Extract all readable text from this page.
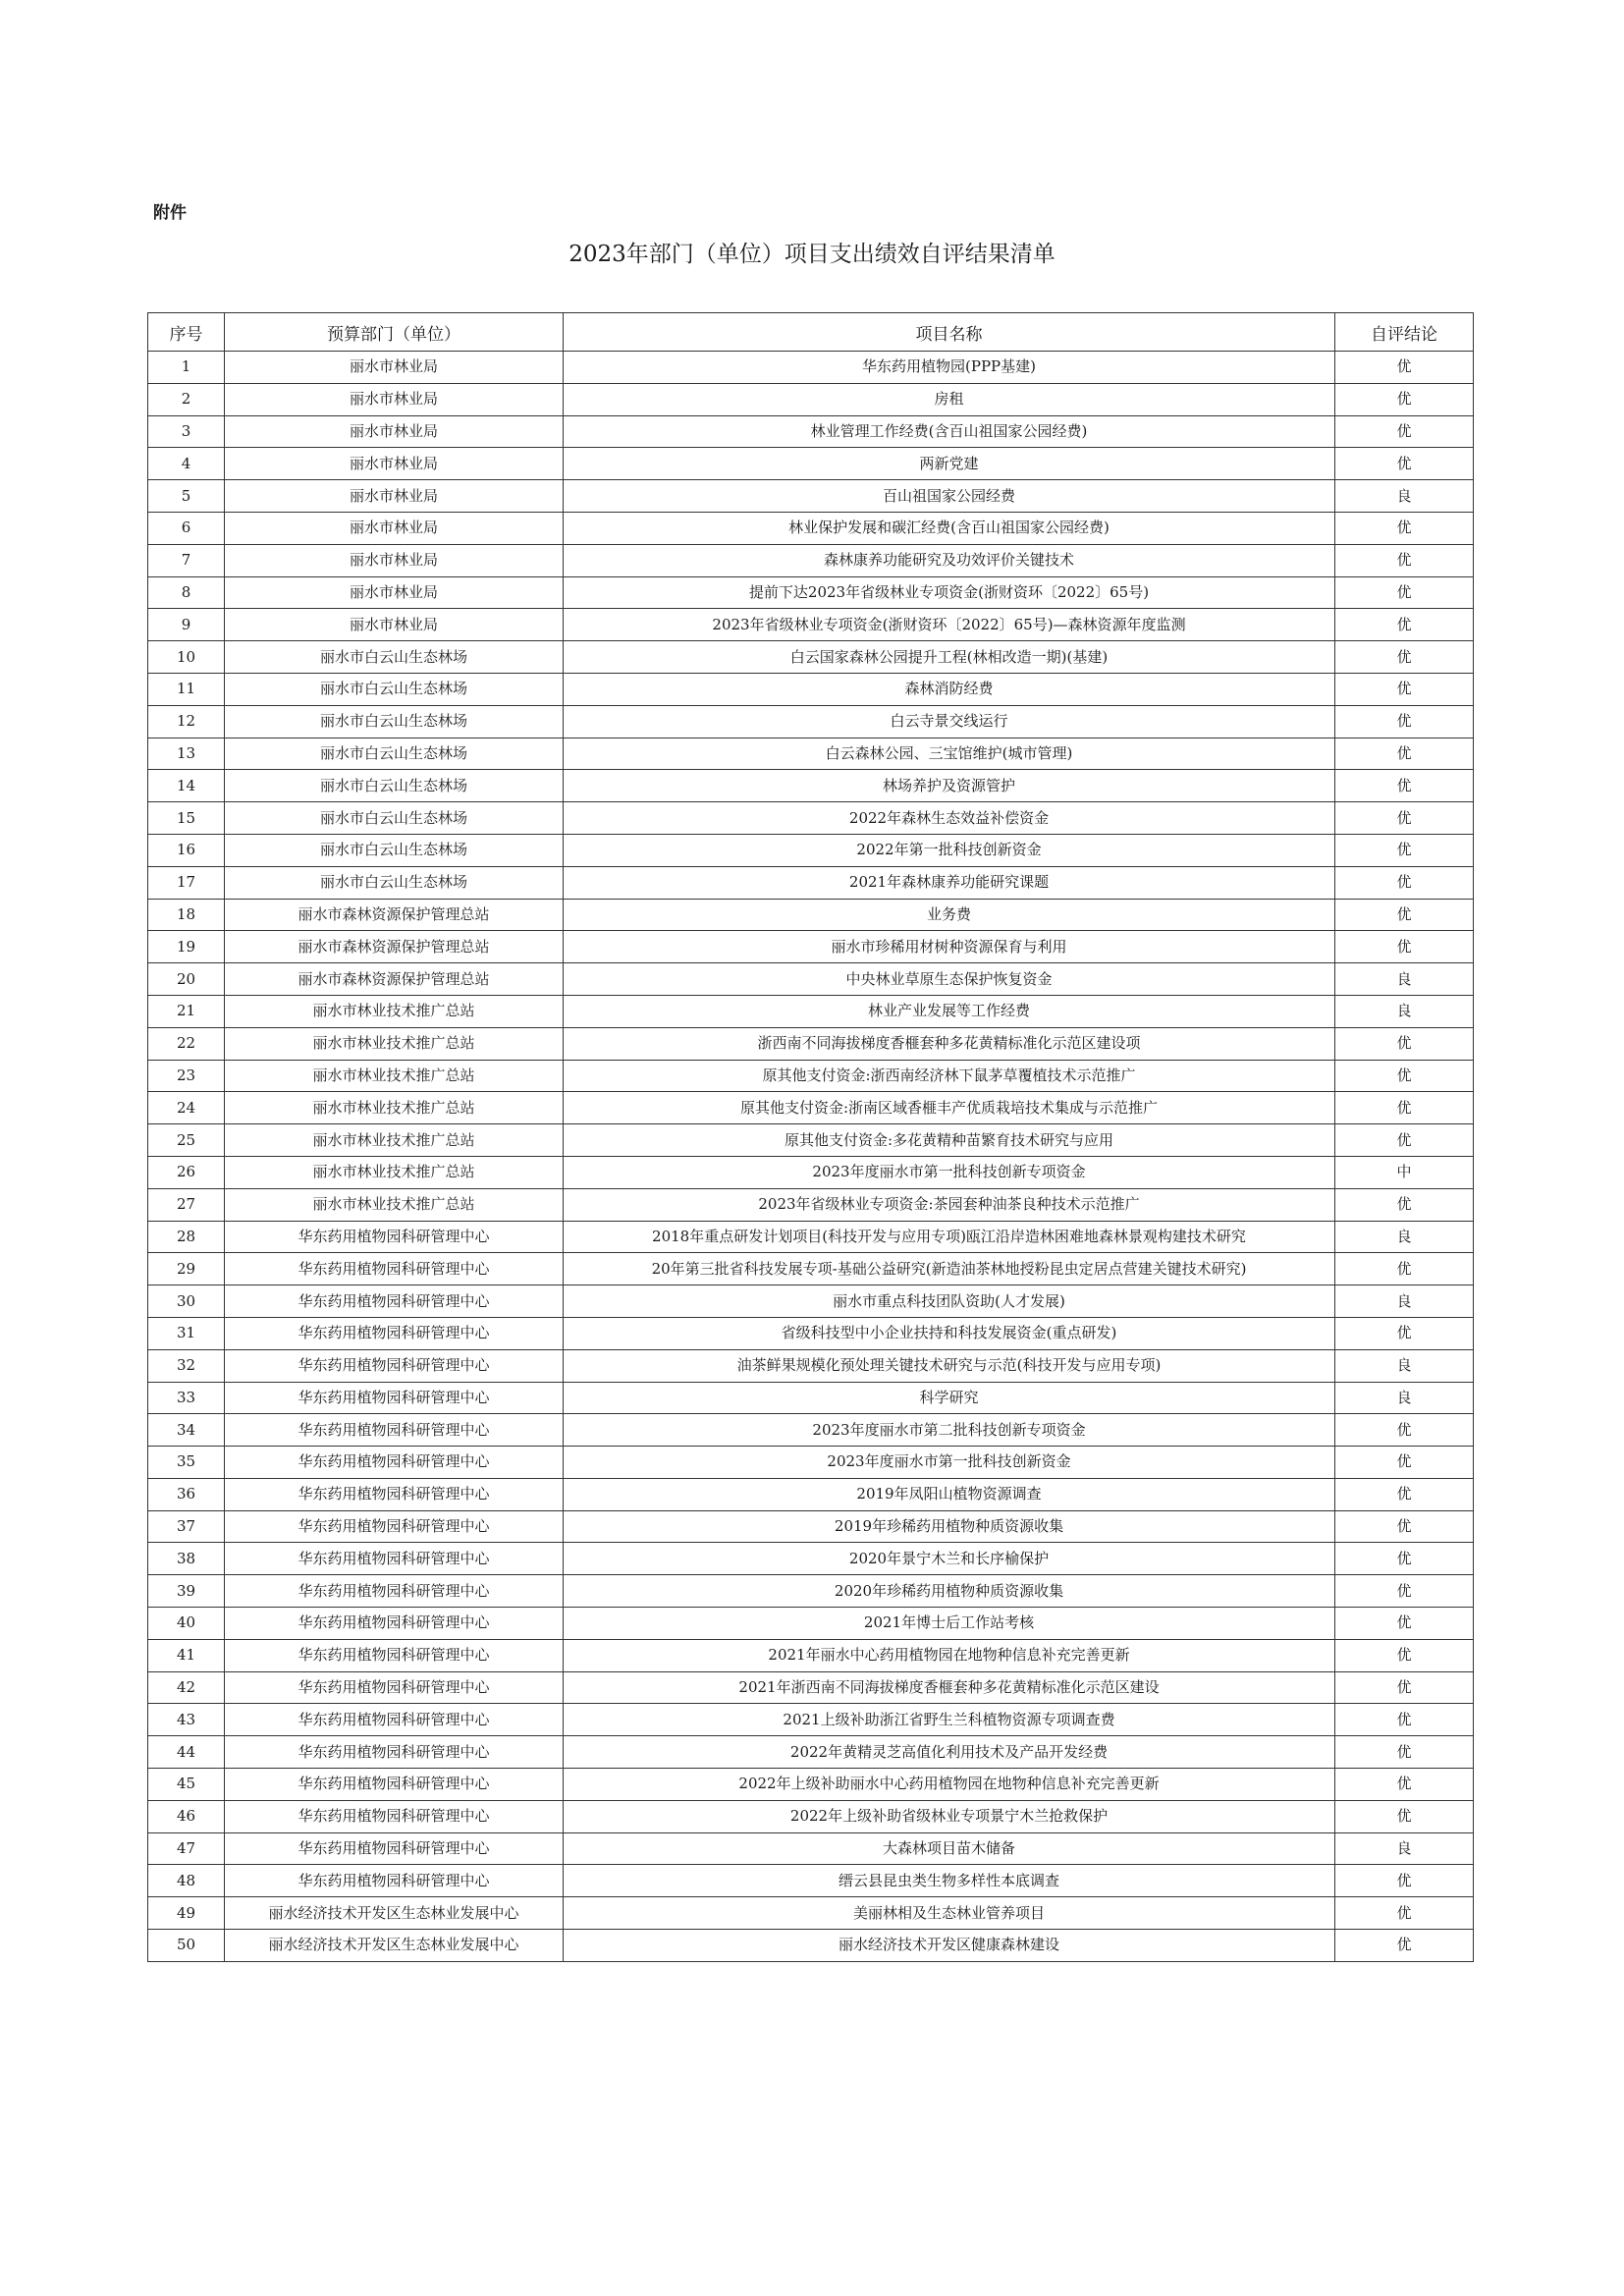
附件
2023年部门（单位）项目支出绩效自评结果清单
序号	预算部门（单位）	项目名称	自评结论
1	丽水市林业局	华东药用植物园(PPP基建)	优
2	丽水市林业局	房租	优
3	丽水市林业局	林业管理工作经费(含百山祖国家公园经费)	优
4	丽水市林业局	两新党建	优
5	丽水市林业局	百山祖国家公园经费	良
6	丽水市林业局	林业保护发展和碳汇经费(含百山祖国家公园经费)	优
7	丽水市林业局	森林康养功能研究及功效评价关键技术	优
8	丽水市林业局	提前下达2023年省级林业专项资金(浙财资环〔2022〕65号)	优
9	丽水市林业局	2023年省级林业专项资金(浙财资环〔2022〕65号)—森林资源年度监测	优
10	丽水市白云山生态林场	白云国家森林公园提升工程(林相改造一期)(基建)	优
11	丽水市白云山生态林场	森林消防经费	优
12	丽水市白云山生态林场	白云寺景交线运行	优
13	丽水市白云山生态林场	白云森林公园、三宝馆维护(城市管理)	优
14	丽水市白云山生态林场	林场养护及资源管护	优
15	丽水市白云山生态林场	2022年森林生态效益补偿资金	优
16	丽水市白云山生态林场	2022年第一批科技创新资金	优
17	丽水市白云山生态林场	2021年森林康养功能研究课题	优
18	丽水市森林资源保护管理总站	业务费	优
19	丽水市森林资源保护管理总站	丽水市珍稀用材树种资源保育与利用	优
20	丽水市森林资源保护管理总站	中央林业草原生态保护恢复资金	良
21	丽水市林业技术推广总站	林业产业发展等工作经费	良
22	丽水市林业技术推广总站	浙西南不同海拔梯度香榧套种多花黄精标准化示范区建设项	优
23	丽水市林业技术推广总站	原其他支付资金:浙西南经济林下鼠茅草覆植技术示范推广	优
24	丽水市林业技术推广总站	原其他支付资金:浙南区域香榧丰产优质栽培技术集成与示范推广	优
25	丽水市林业技术推广总站	原其他支付资金:多花黄精种苗繁育技术研究与应用	优
26	丽水市林业技术推广总站	2023年度丽水市第一批科技创新专项资金	中
27	丽水市林业技术推广总站	2023年省级林业专项资金:茶园套种油茶良种技术示范推广	优
28	华东药用植物园科研管理中心	2018年重点研发计划项目(科技开发与应用专项)瓯江沿岸造林困难地森林景观构建技术研究	良
29	华东药用植物园科研管理中心	20年第三批省科技发展专项-基础公益研究(新造油茶林地授粉昆虫定居点营建关键技术研究)	优
30	华东药用植物园科研管理中心	丽水市重点科技团队资助(人才发展)	良
31	华东药用植物园科研管理中心	省级科技型中小企业扶持和科技发展资金(重点研发)	优
32	华东药用植物园科研管理中心	油茶鲜果规模化预处理关键技术研究与示范(科技开发与应用专项)	良
33	华东药用植物园科研管理中心	科学研究	良
34	华东药用植物园科研管理中心	2023年度丽水市第二批科技创新专项资金	优
35	华东药用植物园科研管理中心	2023年度丽水市第一批科技创新资金	优
36	华东药用植物园科研管理中心	2019年凤阳山植物资源调查	优
37	华东药用植物园科研管理中心	2019年珍稀药用植物种质资源收集	优
38	华东药用植物园科研管理中心	2020年景宁木兰和长序榆保护	优
39	华东药用植物园科研管理中心	2020年珍稀药用植物种质资源收集	优
40	华东药用植物园科研管理中心	2021年博士后工作站考核	优
41	华东药用植物园科研管理中心	2021年丽水中心药用植物园在地物种信息补充完善更新	优
42	华东药用植物园科研管理中心	2021年浙西南不同海拔梯度香榧套种多花黄精标准化示范区建设	优
43	华东药用植物园科研管理中心	2021上级补助浙江省野生兰科植物资源专项调查费	优
44	华东药用植物园科研管理中心	2022年黄精灵芝高值化利用技术及产品开发经费	优
45	华东药用植物园科研管理中心	2022年上级补助丽水中心药用植物园在地物种信息补充完善更新	优
46	华东药用植物园科研管理中心	2022年上级补助省级林业专项景宁木兰抢救保护	优
47	华东药用植物园科研管理中心	大森林项目苗木储备	良
48	华东药用植物园科研管理中心	缙云县昆虫类生物多样性本底调查	优
49	丽水经济技术开发区生态林业发展中心	美丽林相及生态林业管养项目	优
50	丽水经济技术开发区生态林业发展中心	丽水经济技术开发区健康森林建设	优
